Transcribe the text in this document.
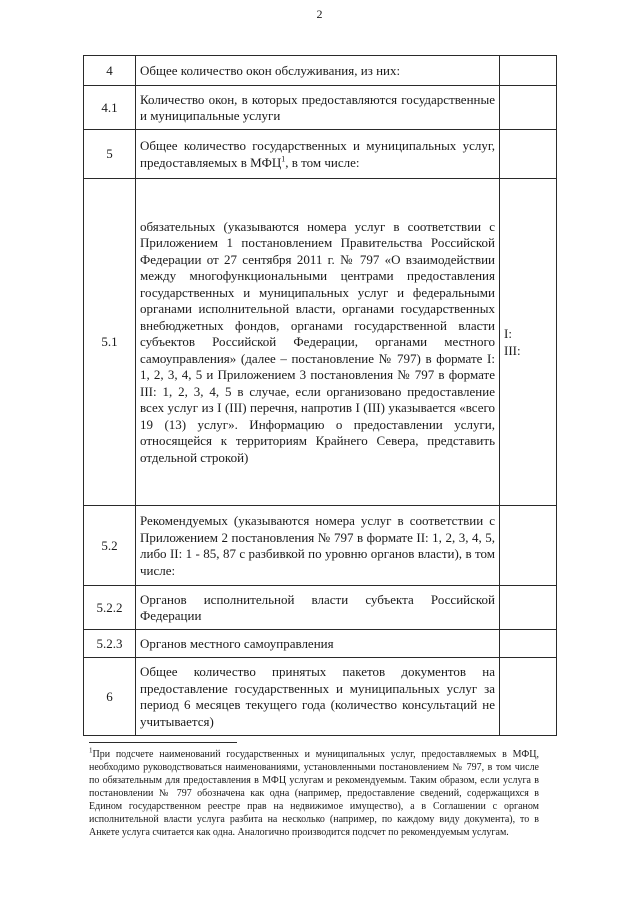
2
4	Общее количество окон обслуживания, из них:	
4.1	Количество окон, в которых предоставляются государственные и муниципальные услуги	
5	Общее количество государственных и муниципальных услуг, предоставляемых в МФЦ$^1$, в том числе:	
5.1	обязательных (указываются номера услуг в соответствии с Приложением 1 постановлением Правительства Российской Федерации от 27 сентября 2011 г. № 797 «О взаимодействии между многофункциональными центрами предоставления государственных и муниципальных услуг и федеральными органами исполнительной власти, органами государственных внебюджетных фондов, органами государственной власти субъектов Российской Федерации, органами местного самоуправления» (далее – постановление № 797) в формате I: 1, 2, 3, 4, 5 и Приложением 3 постановления № 797 в формате III: 1, 2, 3, 4, 5 в случае, если организовано предоставление всех услуг из I (III) перечня, напротив I (III) указывается «всего 19 (13) услуг». Информацию о предоставлении услуги, относящейся к территориям Крайнего Севера, представить отдельной строкой)	I:
III:

5.2	Рекомендуемых (указываются номера услуг в соответствии с Приложением 2 постановления № 797 в формате II: 1, 2, 3, 4, 5, либо II: 1 - 85, 87 с разбивкой по уровню органов власти), в том числе:	
5.2.2	Органов исполнительной власти субъекта Российской Федерации	
5.2.3	Органов местного самоуправления	
6	Общее количество принятых пакетов документов на предоставление государственных и муниципальных услуг за период 6 месяцев текущего года (количество консультаций не учитывается)	
$^1$При подсчете наименований государственных и муниципальных услуг, предоставляемых в МФЦ, необходимо руководствоваться наименованиями, установленными постановлением № 797, в том числе по обязательным для предоставления в МФЦ услугам и рекомендуемым. Таким образом, если услуга в постановлении № 797 обозначена как одна (например, предоставление сведений, содержащихся в Едином государственном реестре прав на недвижимое имущество), а в Соглашении с органом исполнительной власти услуга разбита на несколько (например, по каждому виду документа), то в Анкете услуга считается как одна. Аналогично производится подсчет по рекомендуемым услугам.
